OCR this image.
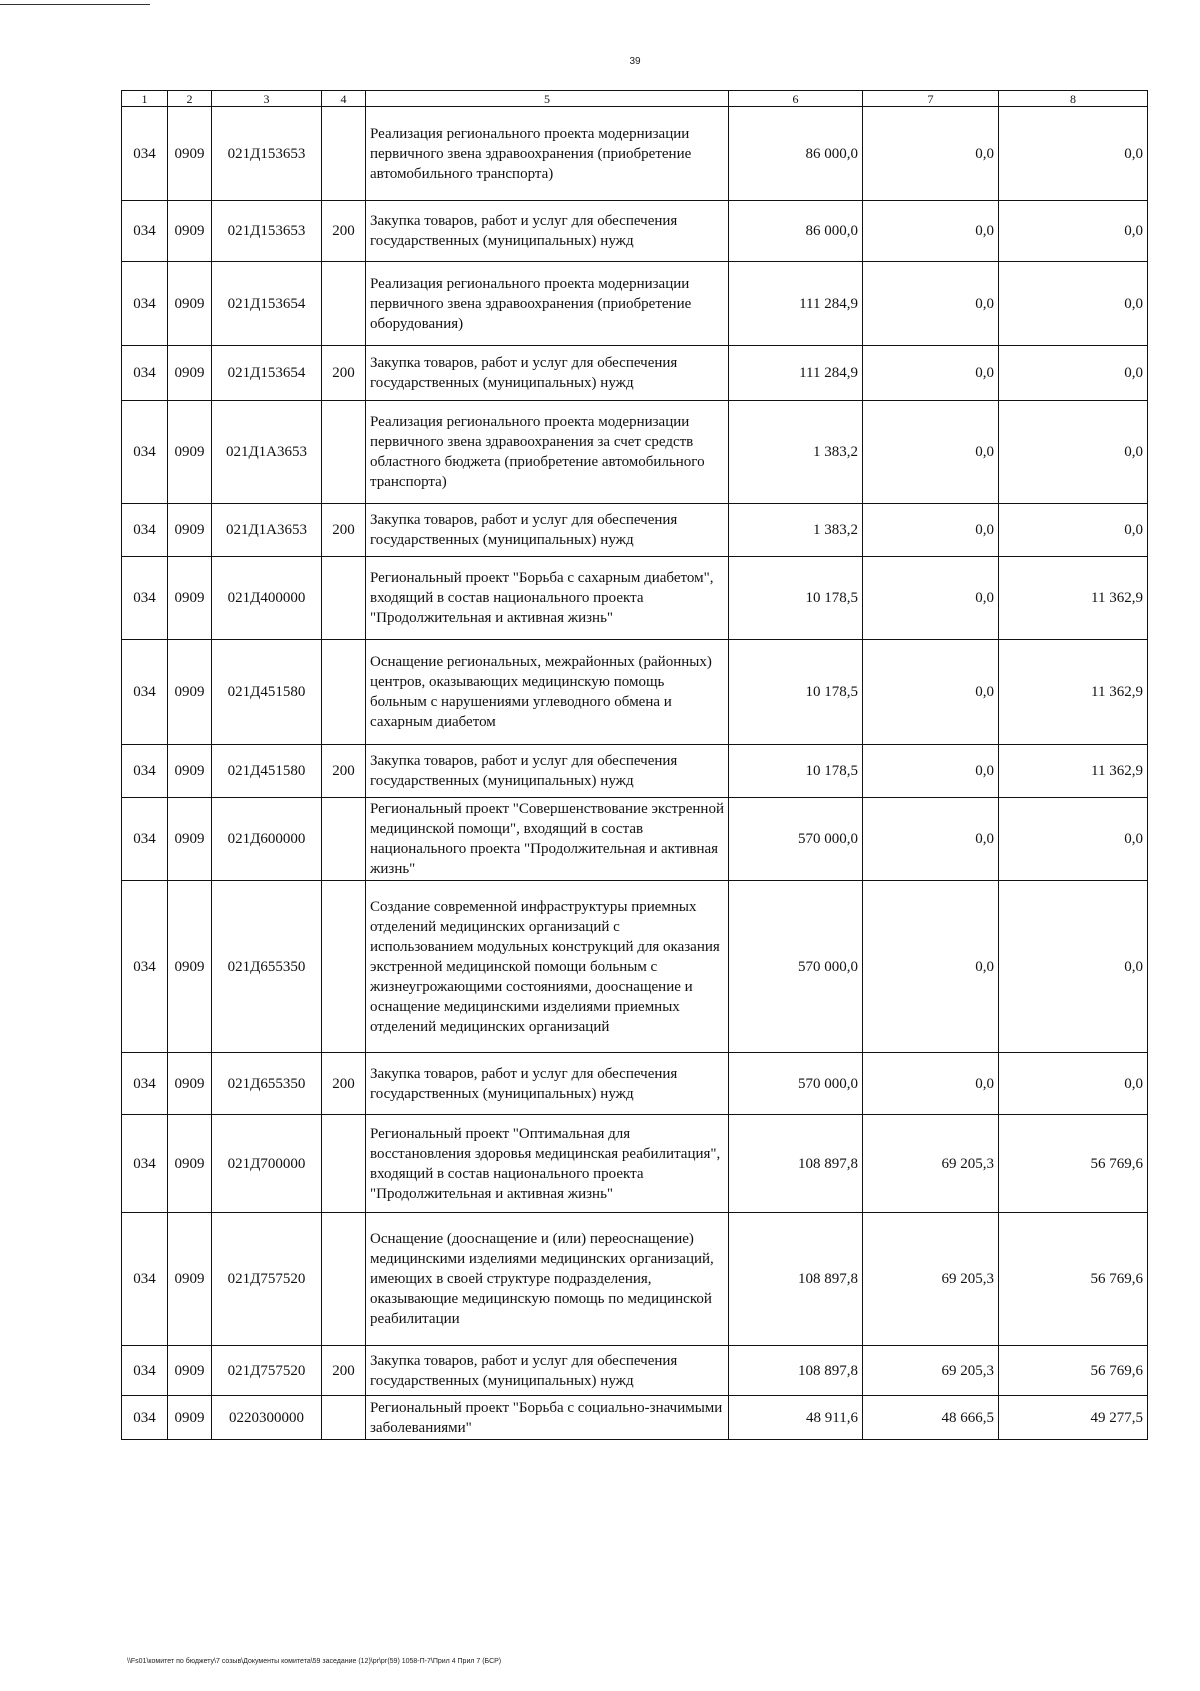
39
1	2	3	4	5	6	7	8
034	0909	021Д153653		Реализация регионального проекта модернизации первичного звена здравоохранения (приобретение автомобильного транспорта)	86 000,0	0,0	0,0
034	0909	021Д153653	200	Закупка товаров, работ и услуг для обеспечения государственных (муниципальных) нужд	86 000,0	0,0	0,0
034	0909	021Д153654		Реализация регионального проекта модернизации первичного звена здравоохранения (приобретение оборудования)	111 284,9	0,0	0,0
034	0909	021Д153654	200	Закупка товаров, работ и услуг для обеспечения государственных (муниципальных) нужд	111 284,9	0,0	0,0
034	0909	021Д1А3653		Реализация регионального проекта модернизации первичного звена здравоохранения за счет средств областного бюджета (приобретение автомобильного транспорта)	1 383,2	0,0	0,0
034	0909	021Д1А3653	200	Закупка товаров, работ и услуг для обеспечения государственных (муниципальных) нужд	1 383,2	0,0	0,0
034	0909	021Д400000		Региональный проект "Борьба с сахарным диабетом", входящий в состав национального проекта "Продолжительная и активная жизнь"	10 178,5	0,0	11 362,9
034	0909	021Д451580		Оснащение региональных, межрайонных (районных) центров, оказывающих медицинскую помощь больным с нарушениями углеводного обмена и сахарным диабетом	10 178,5	0,0	11 362,9
034	0909	021Д451580	200	Закупка товаров, работ и услуг для обеспечения государственных (муниципальных) нужд	10 178,5	0,0	11 362,9
034	0909	021Д600000		Региональный проект "Совершенствование экстренной медицинской помощи", входящий в состав национального проекта "Продолжительная и активная жизнь"	570 000,0	0,0	0,0
034	0909	021Д655350		Создание современной инфраструктуры приемных отделений медицинских организаций с использованием модульных конструкций для оказания экстренной медицинской помощи больным с жизнеугрожающими состояниями, дооснащение и оснащение медицинскими изделиями приемных отделений медицинских организаций	570 000,0	0,0	0,0
034	0909	021Д655350	200	Закупка товаров, работ и услуг для обеспечения государственных (муниципальных) нужд	570 000,0	0,0	0,0
034	0909	021Д700000		Региональный проект "Оптимальная для восстановления здоровья медицинская реабилитация", входящий в состав национального проекта "Продолжительная и активная жизнь"	108 897,8	69 205,3	56 769,6
034	0909	021Д757520		Оснащение (дооснащение и (или) переоснащение) медицинскими изделиями медицинских организаций, имеющих в своей структуре подразделения, оказывающие медицинскую помощь по медицинской реабилитации	108 897,8	69 205,3	56 769,6
034	0909	021Д757520	200	Закупка товаров, работ и услуг для обеспечения государственных (муниципальных) нужд	108 897,8	69 205,3	56 769,6
034	0909	0220300000		Региональный проект "Борьба с социально-значимыми заболеваниями"	48 911,6	48 666,5	49 277,5
\\Fs01\комитет по бюджету\7 созыв\Документы комитета\59 заседание (12)\pr\рг(59) 1058-П-7\Прил 4 Прил 7 (БСР)
